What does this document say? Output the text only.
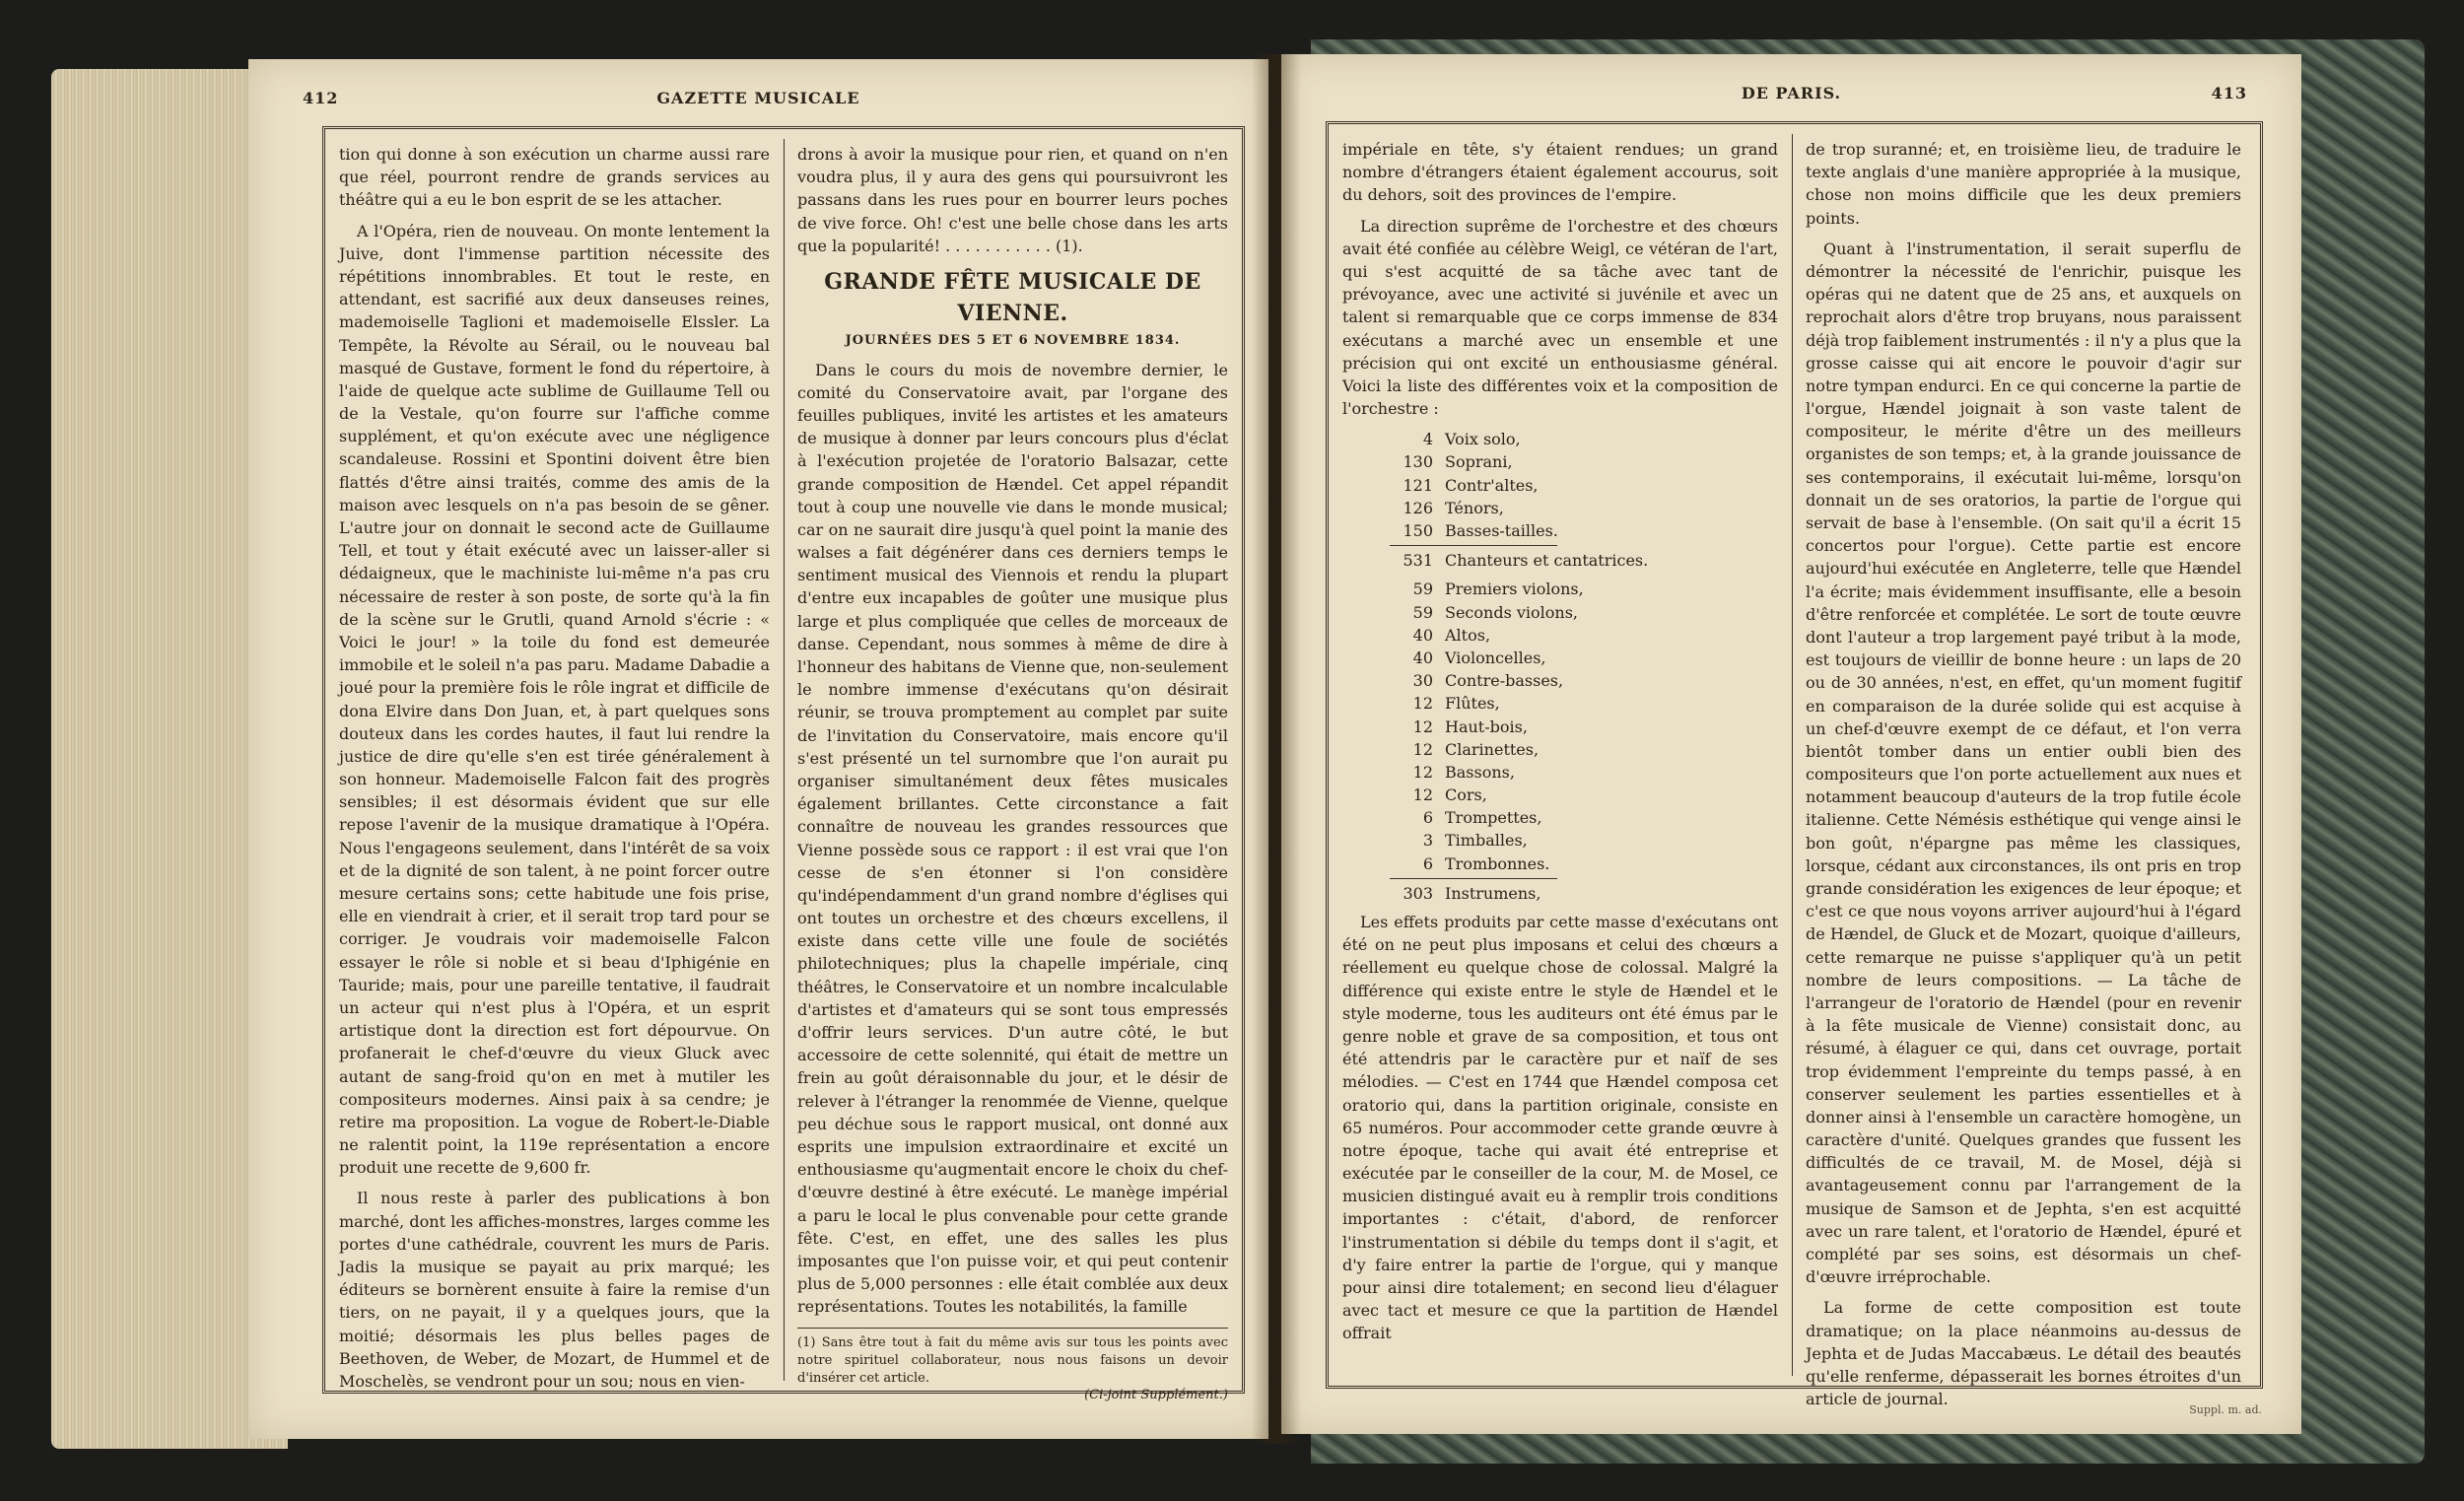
412	GAZETTE MUSICALE

tion qui donne à son exécution un charme aussi rare que réel, pourront rendre de grands services au théâtre qui a eu le bon esprit de se les attacher.

A l'Opéra, rien de nouveau. On monte lentement la Juive, dont l'immense partition nécessite des répétitions innombrables. Et tout le reste, en attendant, est sacrifié aux deux danseuses reines, mademoiselle Taglioni et mademoiselle Elssler. La Tempête, la Révolte au Sérail, ou le nouveau bal masqué de Gustave, forment le fond du répertoire, à l'aide de quelque acte sublime de Guillaume Tell ou de la Vestale, qu'on fourre sur l'affiche comme supplément, et qu'on exécute avec une négligence scandaleuse. Rossini et Spontini doivent être bien flattés d'être ainsi traités, comme des amis de la maison avec lesquels on n'a pas besoin de se gêner. L'autre jour on donnait le second acte de Guillaume Tell, et tout y était exécuté avec un laisser-aller si dédaigneux, que le machiniste lui-même n'a pas cru nécessaire de rester à son poste, de sorte qu'à la fin de la scène sur le Grutli, quand Arnold s'écrie : « Voici le jour! » la toile du fond est demeurée immobile et le soleil n'a pas paru. Madame Dabadie a joué pour la première fois le rôle ingrat et difficile de dona Elvire dans Don Juan, et, à part quelques sons douteux dans les cordes hautes, il faut lui rendre la justice de dire qu'elle s'en est tirée généralement à son honneur. Mademoiselle Falcon fait des progrès sensibles; il est désormais évident que sur elle repose l'avenir de la musique dramatique à l'Opéra. Nous l'engageons seulement, dans l'intérêt de sa voix et de la dignité de son talent, à ne point forcer outre mesure certains sons; cette habitude une fois prise, elle en viendrait à crier, et il serait trop tard pour se corriger. Je voudrais voir mademoiselle Falcon essayer le rôle si noble et si beau d'Iphigénie en Tauride; mais, pour une pareille tentative, il faudrait un acteur qui n'est plus à l'Opéra, et un esprit artistique dont la direction est fort dépourvue. On profanerait le chef-d'œuvre du vieux Gluck avec autant de sang-froid qu'on en met à mutiler les compositeurs modernes. Ainsi paix à sa cendre; je retire ma proposition. La vogue de Robert-le-Diable ne ralentit point, la 119e représentation a encore produit une recette de 9,600 fr.

Il nous reste à parler des publications à bon marché, dont les affiches-monstres, larges comme les portes d'une cathédrale, couvrent les murs de Paris. Jadis la musique se payait au prix marqué; les éditeurs se bornèrent ensuite à faire la remise d'un tiers, on ne payait, il y a quelques jours, que la moitié; désormais les plus belles pages de Beethoven, de Weber, de Mozart, de Hummel et de Moschelès, se vendront pour un sou; nous en vien-

drons à avoir la musique pour rien, et quand on n'en voudra plus, il y aura des gens qui poursuivront les passans dans les rues pour en bourrer leurs poches de vive force. Oh! c'est une belle chose dans les arts que la popularité! . . . . . . . . . . . (1).

GRANDE FÊTE MUSICALE DE VIENNE.
JOURNÉES DES 5 ET 6 NOVEMBRE 1834.

Dans le cours du mois de novembre dernier, le comité du Conservatoire avait, par l'organe des feuilles publiques, invité les artistes et les amateurs de musique à donner par leurs concours plus d'éclat à l'exécution projetée de l'oratorio Balsazar, cette grande composition de Hændel. Cet appel répandit tout à coup une nouvelle vie dans le monde musical; car on ne saurait dire jusqu'à quel point la manie des walses a fait dégénérer dans ces derniers temps le sentiment musical des Viennois et rendu la plupart d'entre eux incapables de goûter une musique plus large et plus compliquée que celles de morceaux de danse. Cependant, nous sommes à même de dire à l'honneur des habitans de Vienne que, non-seulement le nombre immense d'exécutans qu'on désirait réunir, se trouva promptement au complet par suite de l'invitation du Conservatoire, mais encore qu'il s'est présenté un tel surnombre que l'on aurait pu organiser simultanément deux fêtes musicales également brillantes. Cette circonstance a fait connaître de nouveau les grandes ressources que Vienne possède sous ce rapport : il est vrai que l'on cesse de s'en étonner si l'on considère qu'indépendamment d'un grand nombre d'églises qui ont toutes un orchestre et des chœurs excellens, il existe dans cette ville une foule de sociétés philotechniques; plus la chapelle impériale, cinq théâtres, le Conservatoire et un nombre incalculable d'artistes et d'amateurs qui se sont tous empressés d'offrir leurs services. D'un autre côté, le but accessoire de cette solennité, qui était de mettre un frein au goût déraisonnable du jour, et le désir de relever à l'étranger la renommée de Vienne, quelque peu déchue sous le rapport musical, ont donné aux esprits une impulsion extraordinaire et excité un enthousiasme qu'augmentait encore le choix du chef-d'œuvre destiné à être exécuté. Le manège impérial a paru le local le plus convenable pour cette grande fête. C'est, en effet, une des salles les plus imposantes que l'on puisse voir, et qui peut contenir plus de 5,000 personnes : elle était comblée aux deux représentations. Toutes les notabilités, la famille

(1) Sans être tout à fait du même avis sur tous les points avec notre spirituel collaborateur, nous nous faisons un devoir d'insérer cet article.
(Ci-joint Supplément.)
DE PARIS.	413

impériale en tête, s'y étaient rendues; un grand nombre d'étrangers étaient également accourus, soit du dehors, soit des provinces de l'empire.

La direction suprême de l'orchestre et des chœurs avait été confiée au célèbre Weigl, ce vétéran de l'art, qui s'est acquitté de sa tâche avec tant de prévoyance, avec une activité si juvénile et avec un talent si remarquable que ce corps immense de 834 exécutans a marché avec un ensemble et une précision qui ont excité un enthousiasme général. Voici la liste des différentes voix et la composition de l'orchestre :

4 Voix solo,
130 Soprani,
121 Contr'altes,
126 Ténors,
150 Basses-tailles.
531 Chanteurs et cantatrices.
59 Premiers violons,
59 Seconds violons,
40 Altos,
40 Violoncelles,
30 Contre-basses,
12 Flûtes,
12 Haut-bois,
12 Clarinettes,
12 Bassons,
12 Cors,
6 Trompettes,
3 Timballes,
6 Trombonnes.
303 Instrumens,

Les effets produits par cette masse d'exécutans ont été on ne peut plus imposans et celui des chœurs a réellement eu quelque chose de colossal. Malgré la différence qui existe entre le style de Hændel et le style moderne, tous les auditeurs ont été émus par le genre noble et grave de sa composition, et tous ont été attendris par le caractère pur et naïf de ses mélodies. — C'est en 1744 que Hændel composa cet oratorio qui, dans la partition originale, consiste en 65 numéros. Pour accommoder cette grande œuvre à notre époque, tache qui avait été entreprise et exécutée par le conseiller de la cour, M. de Mosel, ce musicien distingué avait eu à remplir trois conditions importantes : c'était, d'abord, de renforcer l'instrumentation si débile du temps dont il s'agit, et d'y faire entrer la partie de l'orgue, qui y manque pour ainsi dire totalement; en second lieu d'élaguer avec tact et mesure ce que la partition de Hændel offrait

de trop suranné; et, en troisième lieu, de traduire le texte anglais d'une manière appropriée à la musique, chose non moins difficile que les deux premiers points.

Quant à l'instrumentation, il serait superflu de démontrer la nécessité de l'enrichir, puisque les opéras qui ne datent que de 25 ans, et auxquels on reprochait alors d'être trop bruyans, nous paraissent déjà trop faiblement instrumentés : il n'y a plus que la grosse caisse qui ait encore le pouvoir d'agir sur notre tympan endurci. En ce qui concerne la partie de l'orgue, Hændel joignait à son vaste talent de compositeur, le mérite d'être un des meilleurs organistes de son temps; et, à la grande jouissance de ses contemporains, il exécutait lui-même, lorsqu'on donnait un de ses oratorios, la partie de l'orgue qui servait de base à l'ensemble. (On sait qu'il a écrit 15 concertos pour l'orgue). Cette partie est encore aujourd'hui exécutée en Angleterre, telle que Hændel l'a écrite; mais évidemment insuffisante, elle a besoin d'être renforcée et complétée. Le sort de toute œuvre dont l'auteur a trop largement payé tribut à la mode, est toujours de vieillir de bonne heure : un laps de 20 ou de 30 années, n'est, en effet, qu'un moment fugitif en comparaison de la durée solide qui est acquise à un chef-d'œuvre exempt de ce défaut, et l'on verra bientôt tomber dans un entier oubli bien des compositeurs que l'on porte actuellement aux nues et notamment beaucoup d'auteurs de la trop futile école italienne. Cette Némésis esthétique qui venge ainsi le bon goût, n'épargne pas même les classiques, lorsque, cédant aux circonstances, ils ont pris en trop grande considération les exigences de leur époque; et c'est ce que nous voyons arriver aujourd'hui à l'égard de Hændel, de Gluck et de Mozart, quoique d'ailleurs, cette remarque ne puisse s'appliquer qu'à un petit nombre de leurs compositions. — La tâche de l'arrangeur de l'oratorio de Hændel (pour en revenir à la fête musicale de Vienne) consistait donc, au résumé, à élaguer ce qui, dans cet ouvrage, portait trop évidemment l'empreinte du temps passé, à en conserver seulement les parties essentielles et à donner ainsi à l'ensemble un caractère homogène, un caractère d'unité. Quelques grandes que fussent les difficultés de ce travail, M. de Mosel, déjà si avantageusement connu par l'arrangement de la musique de Samson et de Jephta, s'en est acquitté avec un rare talent, et l'oratorio de Hændel, épuré et complété par ses soins, est désormais un chef-d'œuvre irréprochable.

La forme de cette composition est toute dramatique; on la place néanmoins au-dessus de Jephta et de Judas Maccabæus. Le détail des beautés qu'elle renferme, dépasserait les bornes étroites d'un article de journal.

Suppl. m. ad.
